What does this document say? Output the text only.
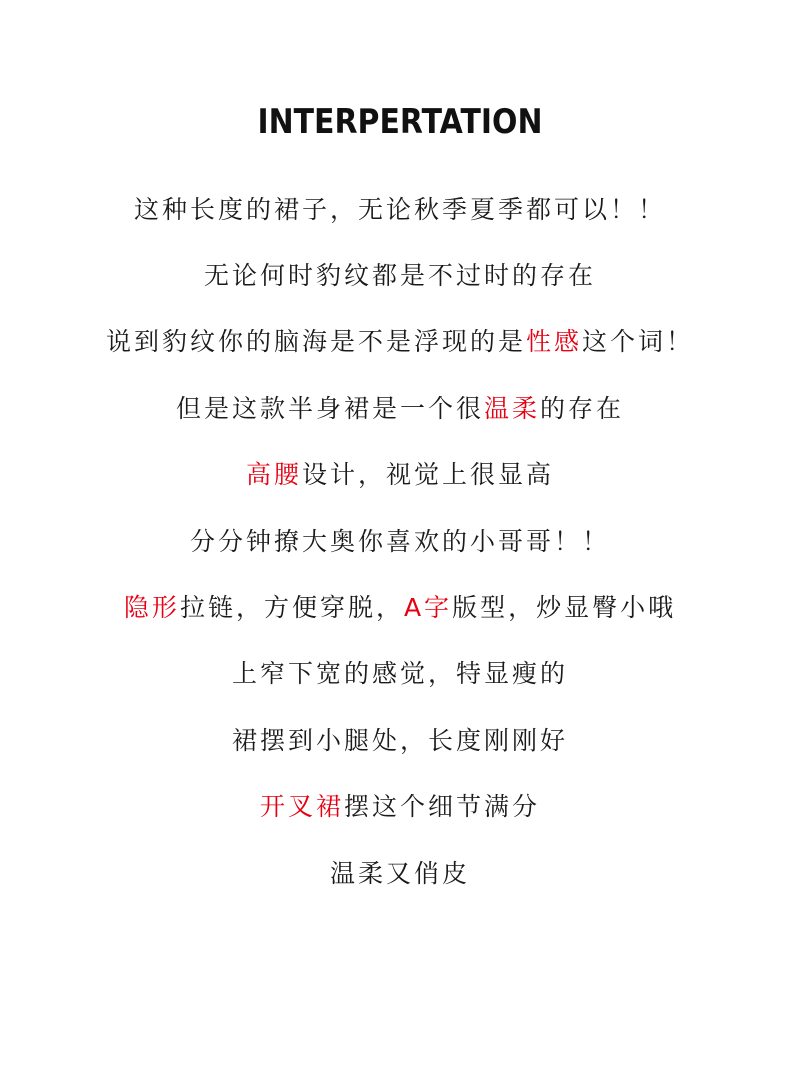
INTERPERTATION
这种长度的裙子，无论秋季夏季都可以！！
无论何时豹纹都是不过时的存在
说到豹纹你的脑海是不是浮现的是性感这个词！
但是这款半身裙是一个很温柔的存在
高腰设计，视觉上很显高
分分钟撩大奥你喜欢的小哥哥！！
隐形拉链，方便穿脱，A字版型，炒显臀小哦
上窄下宽的感觉，特显瘦的
裙摆到小腿处，长度刚刚好
开叉裙摆这个细节满分
温柔又俏皮
